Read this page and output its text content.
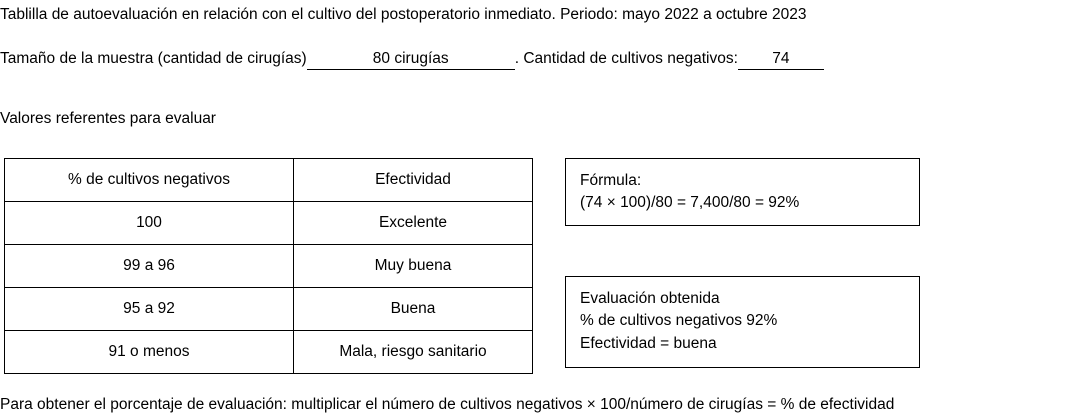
Tablilla de autoevaluación en relación con el cultivo del postoperatorio inmediato. Periodo: mayo 2022 a octubre 2023
Tamaño de la muestra (cantidad de cirugías)	80 cirugías	. Cantidad de cultivos negativos:	74
Valores referentes para evaluar
% de cultivos negativos	Efectividad
100	Excelente
99 a 96	Muy buena
95 a 92	Buena
91 o menos	Mala, riesgo sanitario

Fórmula:

(74 × 100)/80 = 7,400/80 = 92%

Evaluación obtenida

% de cultivos negativos 92%

Efectividad = buena

Para obtener el porcentaje de evaluación: multiplicar el número de cultivos negativos × 100/número de cirugías = % de efectividad
